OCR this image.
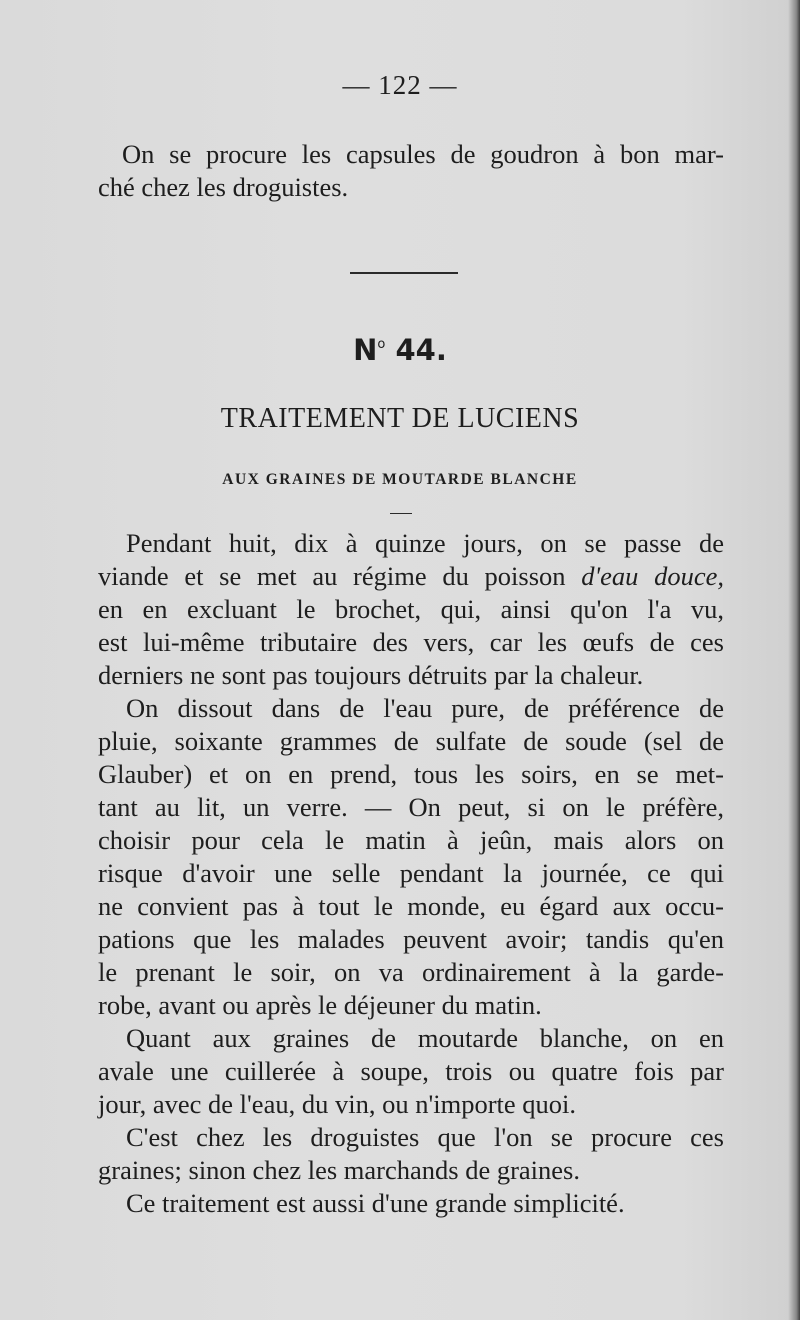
— 122 —
On se procure les capsules de goudron à bon mar-
ché chez les droguistes.
$N^o$ 44.
TRAITEMENT DE LUCIENS
AUX GRAINES DE MOUTARDE BLANCHE
Pendant huit, dix à quinze jours, on se passe de
viande et se met au régime du poisson d'eau douce,
en en excluant le brochet, qui, ainsi qu'on l'a vu,
est lui-même tributaire des vers, car les œufs de ces
derniers ne sont pas toujours détruits par la chaleur.
On dissout dans de l'eau pure, de préférence de
pluie, soixante grammes de sulfate de soude (sel de
Glauber) et on en prend, tous les soirs, en se met-
tant au lit, un verre. — On peut, si on le préfère,
choisir pour cela le matin à jeûn, mais alors on
risque d'avoir une selle pendant la journée, ce qui
ne convient pas à tout le monde, eu égard aux occu-
pations que les malades peuvent avoir; tandis qu'en
le prenant le soir, on va ordinairement à la garde-
robe, avant ou après le déjeuner du matin.
Quant aux graines de moutarde blanche, on en
avale une cuillerée à soupe, trois ou quatre fois par
jour, avec de l'eau, du vin, ou n'importe quoi.
C'est chez les droguistes que l'on se procure ces
graines; sinon chez les marchands de graines.
Ce traitement est aussi d'une grande simplicité.
